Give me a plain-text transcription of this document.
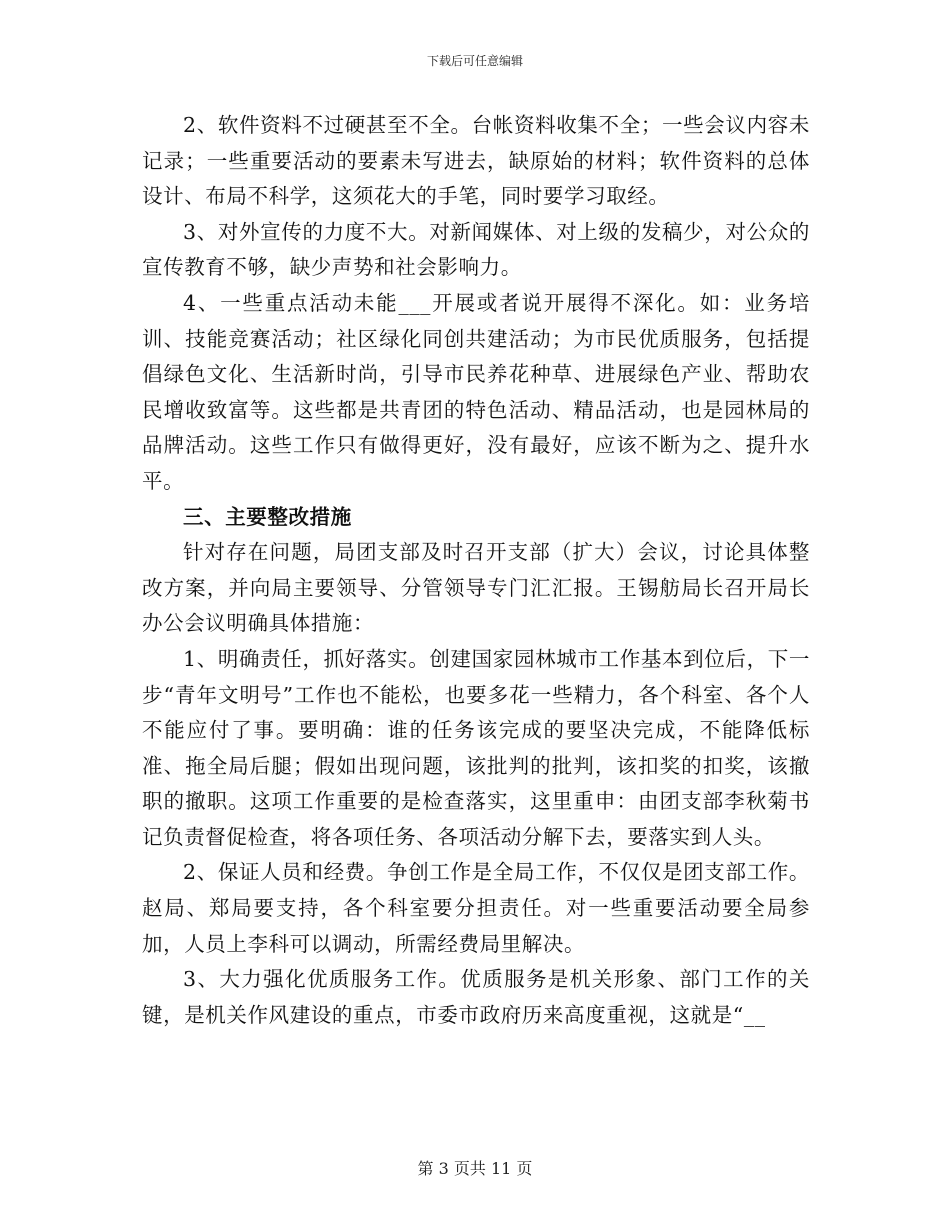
下载后可任意编辑

2、软件资料不过硬甚至不全。台帐资料收集不全；一些会议内容未记录；一些重要活动的要素未写进去，缺原始的材料；软件资料的总体设计、布局不科学，这须花大的手笔，同时要学习取经。

3、对外宣传的力度不大。对新闻媒体、对上级的发稿少，对公众的宣传教育不够，缺少声势和社会影响力。

4、一些重点活动未能___开展或者说开展得不深化。如：业务培训、技能竞赛活动；社区绿化同创共建活动；为市民优质服务，包括提倡绿色文化、生活新时尚，引导市民养花种草、进展绿色产业、帮助农民增收致富等。这些都是共青团的特色活动、精品活动，也是园林局的品牌活动。这些工作只有做得更好，没有最好，应该不断为之、提升水平。

三、主要整改措施

针对存在问题，局团支部及时召开支部（扩大）会议，讨论具体整改方案，并向局主要领导、分管领导专门汇汇报。王锡舫局长召开局长办公会议明确具体措施：

1、明确责任，抓好落实。创建国家园林城市工作基本到位后，下一步“青年文明号”工作也不能松，也要多花一些精力，各个科室、各个人不能应付了事。要明确：谁的任务该完成的要坚决完成，不能降低标准、拖全局后腿；假如出现问题，该批判的批判，该扣奖的扣奖，该撤职的撤职。这项工作重要的是检查落实，这里重申：由团支部李秋菊书记负责督促检查，将各项任务、各项活动分解下去，要落实到人头。

2、保证人员和经费。争创工作是全局工作，不仅仅是团支部工作。赵局、郑局要支持，各个科室要分担责任。对一些重要活动要全局参加，人员上李科可以调动，所需经费局里解决。

3、大力强化优质服务工作。优质服务是机关形象、部门工作的关键，是机关作风建设的重点，市委市政府历来高度重视，这就是“__

第 3 页共 11 页
